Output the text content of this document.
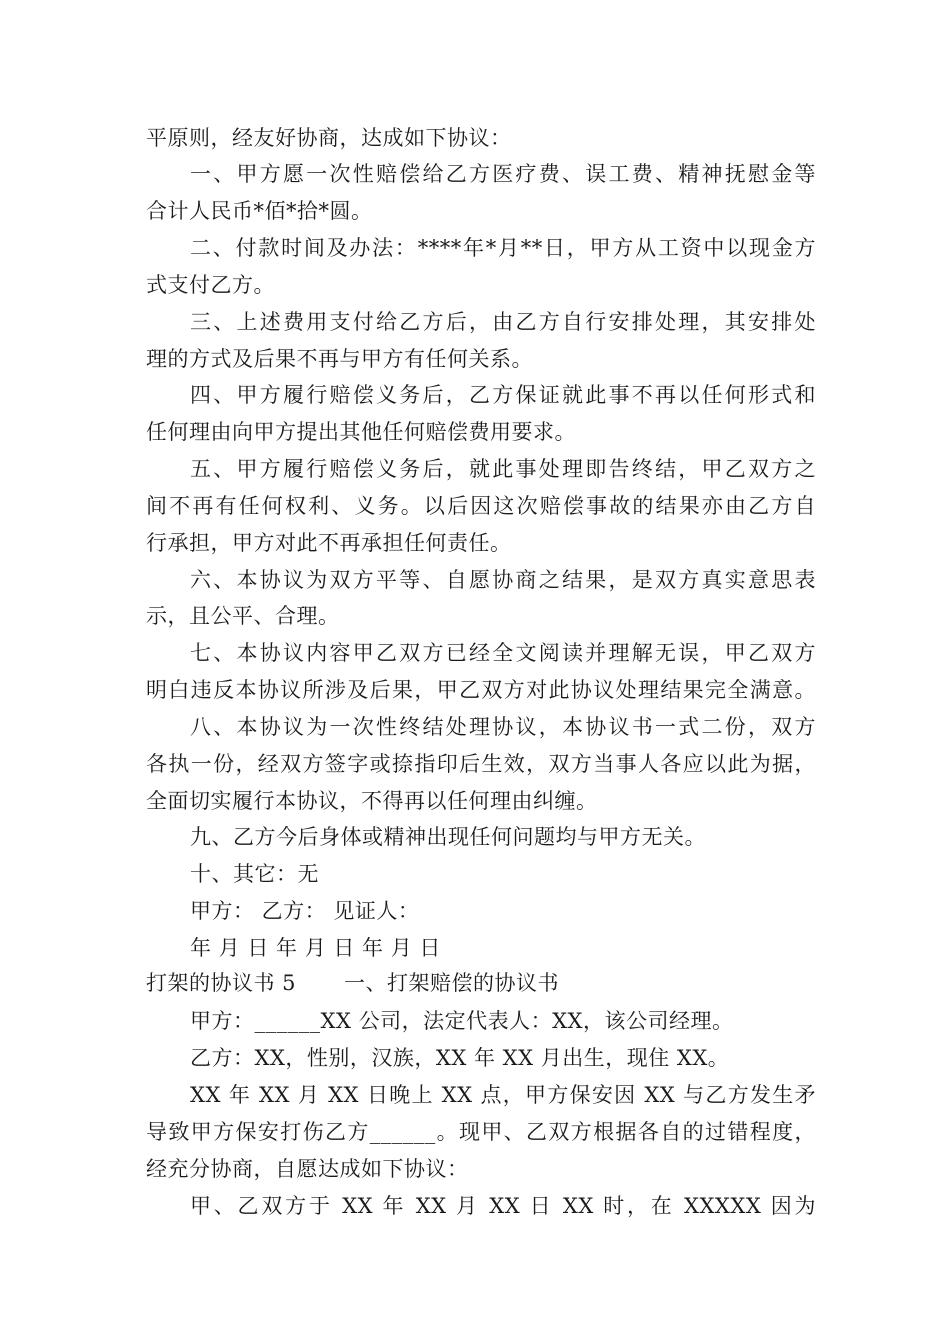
平原则，经友好协商，达成如下协议：
一、甲方愿一次性赔偿给乙方医疗费、误工费、精神抚慰金等
合计人民币*佰*拾*圆。
二、付款时间及办法：****年*月**日，甲方从工资中以现金方
式支付乙方。
三、上述费用支付给乙方后，由乙方自行安排处理，其安排处
理的方式及后果不再与甲方有任何关系。
四、甲方履行赔偿义务后，乙方保证就此事不再以任何形式和
任何理由向甲方提出其他任何赔偿费用要求。
五、甲方履行赔偿义务后，就此事处理即告终结，甲乙双方之
间不再有任何权利、义务。以后因这次赔偿事故的结果亦由乙方自
行承担，甲方对此不再承担任何责任。
六、本协议为双方平等、自愿协商之结果，是双方真实意思表
示，且公平、合理。
七、本协议内容甲乙双方已经全文阅读并理解无误，甲乙双方
明白违反本协议所涉及后果，甲乙双方对此协议处理结果完全满意。
八、本协议为一次性终结处理协议，本协议书一式二份，双方
各执一份，经双方签字或捺指印后生效，双方当事人各应以此为据，
全面切实履行本协议，不得再以任何理由纠缠。
九、乙方今后身体或精神出现任何问题均与甲方无关。
十、其它：无
甲方： 乙方： 见证人：
年 月 日 年 月 日 年 月 日
打架的协议书 5 一、打架赔偿的协议书
甲方：______XX 公司，法定代表人：XX，该公司经理。
乙方：XX，性别，汉族，XX 年 XX 月出生，现住 XX。
XX 年 XX 月 XX 日晚上 XX 点，甲方保安因 XX 与乙方发生矛
导致甲方保安打伤乙方______。现甲、乙双方根据各自的过错程度，
经充分协商，自愿达成如下协议：
甲、乙双方于 XX 年 XX 月 XX 日 XX 时，在 XXXXX 因为
